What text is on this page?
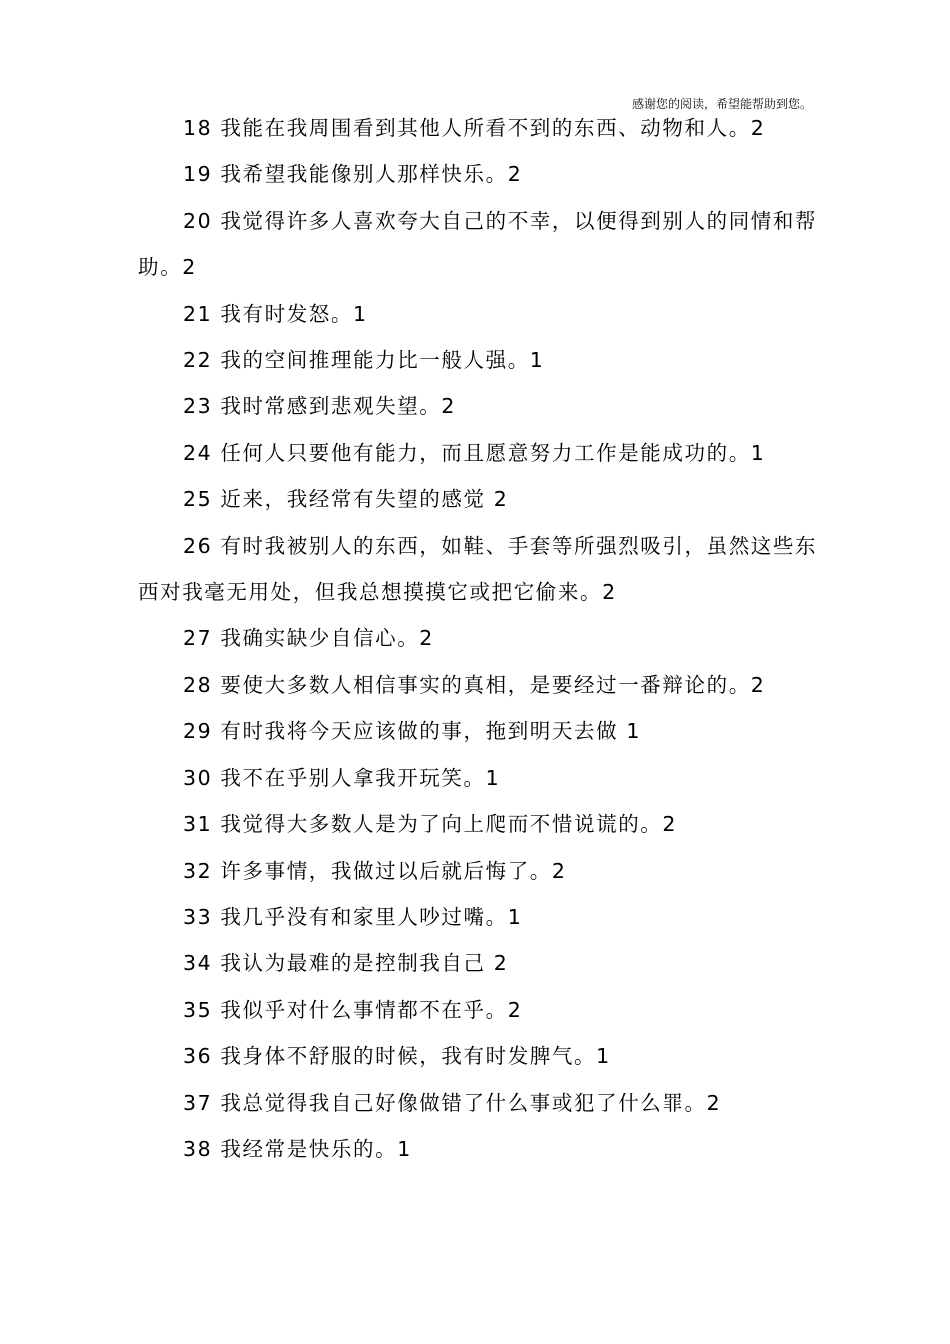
感谢您的阅读，希望能帮助到您。

18 我能在我周围看到其他人所看不到的东西、动物和人。2

19 我希望我能像别人那样快乐。2

20 我觉得许多人喜欢夸大自己的不幸，以便得到别人的同情和帮助。2

21 我有时发怒。1

22 我的空间推理能力比一般人强。1

23 我时常感到悲观失望。2

24 任何人只要他有能力，而且愿意努力工作是能成功的。1

25 近来，我经常有失望的感觉 2

26 有时我被别人的东西，如鞋、手套等所强烈吸引，虽然这些东西对我毫无用处，但我总想摸摸它或把它偷来。2

27 我确实缺少自信心。2

28 要使大多数人相信事实的真相，是要经过一番辩论的。2

29 有时我将今天应该做的事，拖到明天去做 1

30 我不在乎别人拿我开玩笑。1

31 我觉得大多数人是为了向上爬而不惜说谎的。2

32 许多事情，我做过以后就后悔了。2

33 我几乎没有和家里人吵过嘴。1

34 我认为最难的是控制我自己 2

35 我似乎对什么事情都不在乎。2

36 我身体不舒服的时候，我有时发脾气。1

37 我总觉得我自己好像做错了什么事或犯了什么罪。2

38 我经常是快乐的。1
